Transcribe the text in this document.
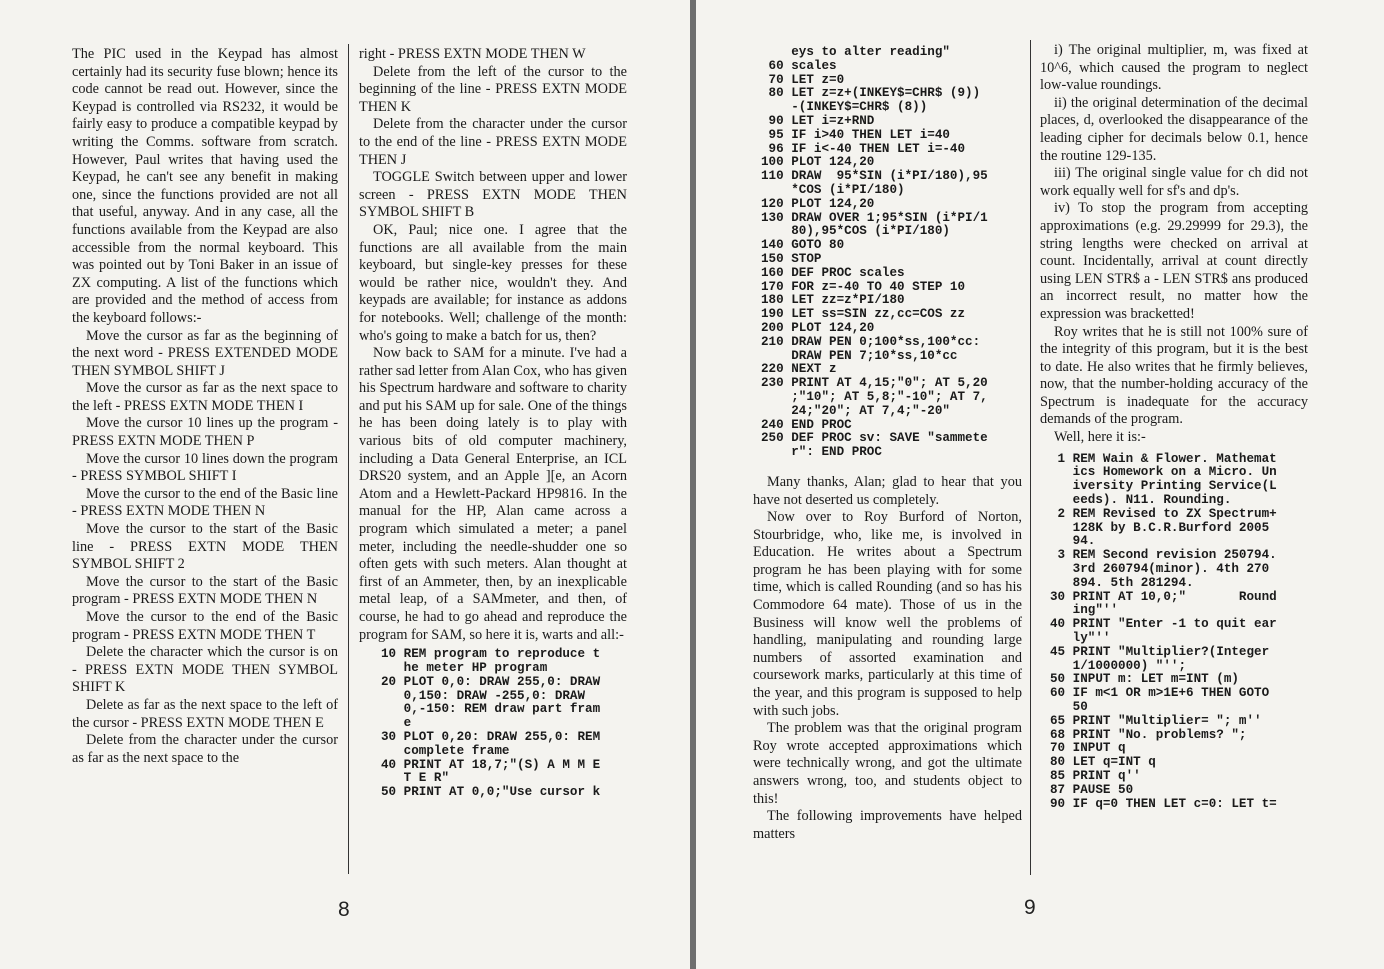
The PIC used in the Keypad has almost certainly had its security fuse blown; hence its code cannot be read out. However, since the Keypad is controlled via RS232, it would be fairly easy to produce a compatible keypad by writing the Comms. software from scratch. However, Paul writes that having used the Keypad, he can't see any benefit in making one, since the functions provided are not all that useful, anyway. And in any case, all the functions available from the Keypad are also accessible from the normal keyboard. This was pointed out by Toni Baker in an issue of ZX computing. A list of the functions which are provided and the method of access from the keyboard follows:-

Move the cursor as far as the beginning of the next word - PRESS EXTENDED MODE THEN SYMBOL SHIFT J

Move the cursor as far as the next space to the left - PRESS EXTN MODE THEN I

Move the cursor 10 lines up the program - PRESS EXTN MODE THEN P

Move the cursor 10 lines down the program - PRESS SYMBOL SHIFT I

Move the cursor to the end of the Basic line - PRESS EXTN MODE THEN N

Move the cursor to the start of the Basic line - PRESS EXTN MODE THEN SYMBOL SHIFT 2

Move the cursor to the start of the Basic program - PRESS EXTN MODE THEN N

Move the cursor to the end of the Basic program - PRESS EXTN MODE THEN T

Delete the character which the cursor is on - PRESS EXTN MODE THEN SYMBOL SHIFT K

Delete as far as the next space to the left of the cursor - PRESS EXTN MODE THEN E

Delete from the character under the cursor as far as the next space to the

right - PRESS EXTN MODE THEN W

Delete from the left of the cursor to the beginning of the line - PRESS EXTN MODE THEN K

Delete from the character under the cursor to the end of the line - PRESS EXTN MODE THEN J

TOGGLE Switch between upper and lower screen - PRESS EXTN MODE THEN SYMBOL SHIFT B

OK, Paul; nice one. I agree that the functions are all available from the main keyboard, but single-key presses for these would be rather nice, wouldn't they. And keypads are available; for instance as addons for notebooks. Well; challenge of the month: who's going to make a batch for us, then?

Now back to SAM for a minute. I've had a rather sad letter from Alan Cox, who has given his Spectrum hardware and software to charity and put his SAM up for sale. One of the things he has been doing lately is to play with various bits of old computer machinery, including a Data General Enterprise, an ICL DRS20 system, and an Apple ][e, an Acorn Atom and a Hewlett-Packard HP9816. In the manual for the HP, Alan came across a program which simulated a meter; a panel meter, including the needle-shudder one so often gets with such meters. Alan thought at first of an Ammeter, then, by an inexplicable metal leap, of a SAMmeter, and then, of course, he had to go ahead and reproduce the program for SAM, so here it is, warts and all:-

10 REM program to reproduce t
he meter HP program
20 PLOT 0,0: DRAW 255,0: DRAW
0,150: DRAW -255,0: DRAW
0,-150: REM draw part fram
e
30 PLOT 0,20: DRAW 255,0: REM
complete frame
40 PRINT AT 18,7;"(S) A M M E
T E R"
50 PRINT AT 0,0;"Use cursor k
8
eys to alter reading"
60 scales
70 LET z=0
80 LET z=z+(INKEY$=CHR$ (9))
-(INKEY$=CHR$ (8))
90 LET i=z+RND
95 IF i>40 THEN LET i=40
96 IF i<-40 THEN LET i=-40
100 PLOT 124,20
110 DRAW  95*SIN (i*PI/180),95
*COS (i*PI/180)
120 PLOT 124,20
130 DRAW OVER 1;95*SIN (i*PI/1
80),95*COS (i*PI/180)
140 GOTO 80
150 STOP
160 DEF PROC scales
170 FOR z=-40 TO 40 STEP 10
180 LET zz=z*PI/180
190 LET ss=SIN zz,cc=COS zz
200 PLOT 124,20
210 DRAW PEN 0;100*ss,100*cc:
DRAW PEN 7;10*ss,10*cc
220 NEXT z
230 PRINT AT 4,15;"0"; AT 5,20
;"10"; AT 5,8;"-10"; AT 7,
24;"20"; AT 7,4;"-20"
240 END PROC
250 DEF PROC sv: SAVE "sammete
r": END PROC

Many thanks, Alan; glad to hear that you have not deserted us completely.

Now over to Roy Burford of Norton, Stourbridge, who, like me, is involved in Education. He writes about a Spectrum program he has been playing with for some time, which is called Rounding (and so has his Commodore 64 mate). Those of us in the Business will know well the problems of handling, manipulating and rounding large numbers of assorted examination and coursework marks, particularly at this time of the year, and this program is supposed to help with such jobs.

The problem was that the original program Roy wrote accepted approximations which were technically wrong, and got the ultimate answers wrong, too, and students object to this!

The following improvements have helped matters

i) The original multiplier, m, was fixed at 10^6, which caused the program to neglect low-value roundings.

ii) the original determination of the decimal places, d, overlooked the disappearance of the leading cipher for decimals below 0.1, hence the routine 129-135.

iii) The original single value for ch did not work equally well for sf's and dp's.

iv) To stop the program from accepting approximations (e.g. 29.29999 for 29.3), the string lengths were checked on arrival at count. Incidentally, arrival at count directly using LEN STR$ a - LEN STR$ ans produced an incorrect result, no matter how the expression was bracketted!

Roy writes that he is still not 100% sure of the integrity of this program, but it is the best to date. He also writes that he firmly believes, now, that the number-holding accuracy of the Spectrum is inadequate for the accuracy demands of the program.

Well, here it is:-

1 REM Wain & Flower. Mathemat
ics Homework on a Micro. Un
iversity Printing Service(L
eeds). N11. Rounding.
2 REM Revised to ZX Spectrum+
128K by B.C.R.Burford 2005
94.
3 REM Second revision 250794.
3rd 260794(minor). 4th 270
894. 5th 281294.
30 PRINT AT 10,0;"       Round
ing"''
40 PRINT "Enter -1 to quit ear
ly"''
45 PRINT "Multiplier?(Integer
1/1000000) "'';
50 INPUT m: LET m=INT (m)
60 IF m<1 OR m>1E+6 THEN GOTO
50
65 PRINT "Multiplier= "; m''
68 PRINT "No. problems? ";
70 INPUT q
80 LET q=INT q
85 PRINT q''
87 PAUSE 50
90 IF q=0 THEN LET c=0: LET t=
9
